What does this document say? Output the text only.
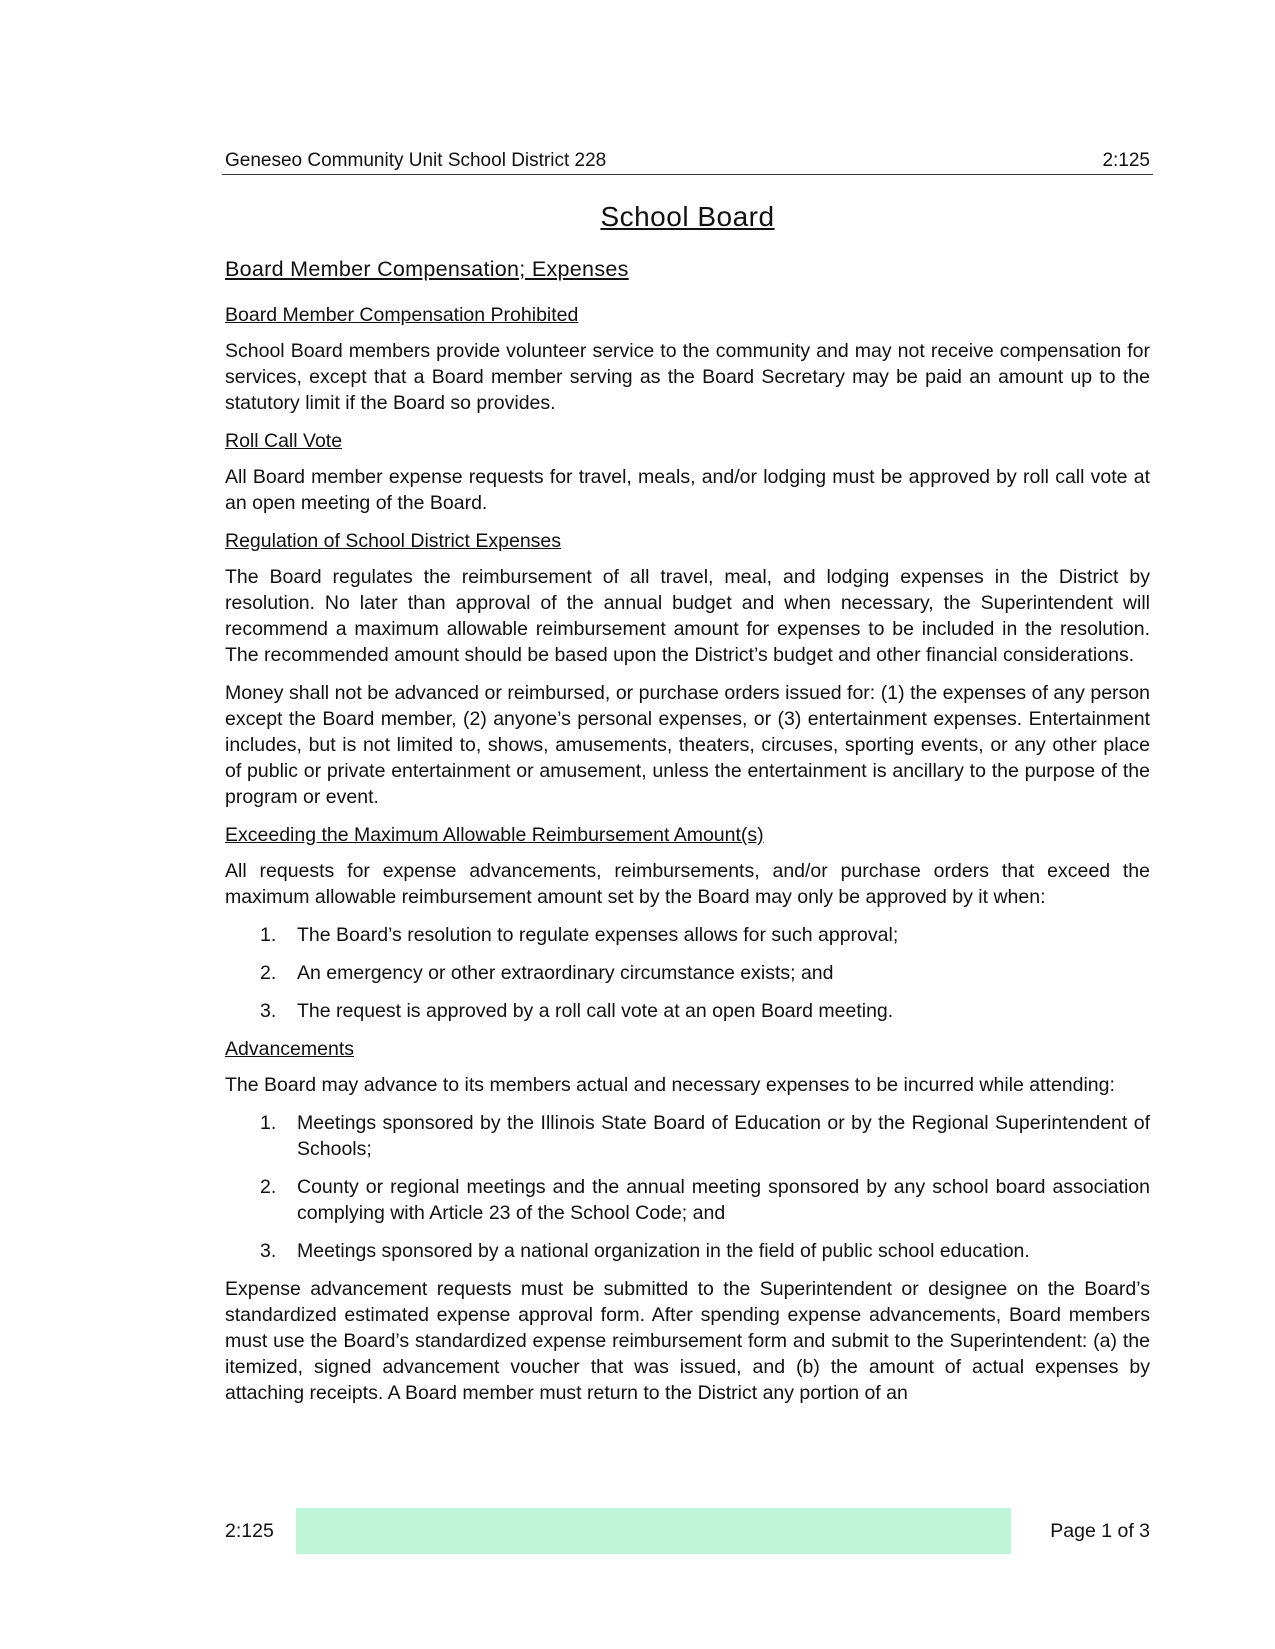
Geneseo Community Unit School District 228	2:125
School Board
Board Member Compensation; Expenses
Board Member Compensation Prohibited

School Board members provide volunteer service to the community and may not receive compensation for services, except that a Board member serving as the Board Secretary may be paid an amount up to the statutory limit if the Board so provides.

Roll Call Vote

All Board member expense requests for travel, meals, and/or lodging must be approved by roll call vote at an open meeting of the Board.

Regulation of School District Expenses

The Board regulates the reimbursement of all travel, meal, and lodging expenses in the District by resolution. No later than approval of the annual budget and when necessary, the Superintendent will recommend a maximum allowable reimbursement amount for expenses to be included in the resolution. The recommended amount should be based upon the District’s budget and other financial considerations.

Money shall not be advanced or reimbursed, or purchase orders issued for: (1) the expenses of any person except the Board member, (2) anyone’s personal expenses, or (3) entertainment expenses. Entertainment includes, but is not limited to, shows, amusements, theaters, circuses, sporting events, or any other place of public or private entertainment or amusement, unless the entertainment is ancillary to the purpose of the program or event.

Exceeding the Maximum Allowable Reimbursement Amount(s)

All requests for expense advancements, reimbursements, and/or purchase orders that exceed the maximum allowable reimbursement amount set by the Board may only be approved by it when:

1. The Board’s resolution to regulate expenses allows for such approval;
2. An emergency or other extraordinary circumstance exists; and
3. The request is approved by a roll call vote at an open Board meeting.
Advancements

The Board may advance to its members actual and necessary expenses to be incurred while attending:

1. Meetings sponsored by the Illinois State Board of Education or by the Regional Superintendent of Schools;
2. County or regional meetings and the annual meeting sponsored by any school board association complying with Article 23 of the School Code; and
3. Meetings sponsored by a national organization in the field of public school education.

Expense advancement requests must be submitted to the Superintendent or designee on the Board’s standardized estimated expense approval form. After spending expense advancements, Board members must use the Board’s standardized expense reimbursement form and submit to the Superintendent: (a) the itemized, signed advancement voucher that was issued, and (b) the amount of actual expenses by attaching receipts. A Board member must return to the District any portion of an

2:125	Page 1 of 3
